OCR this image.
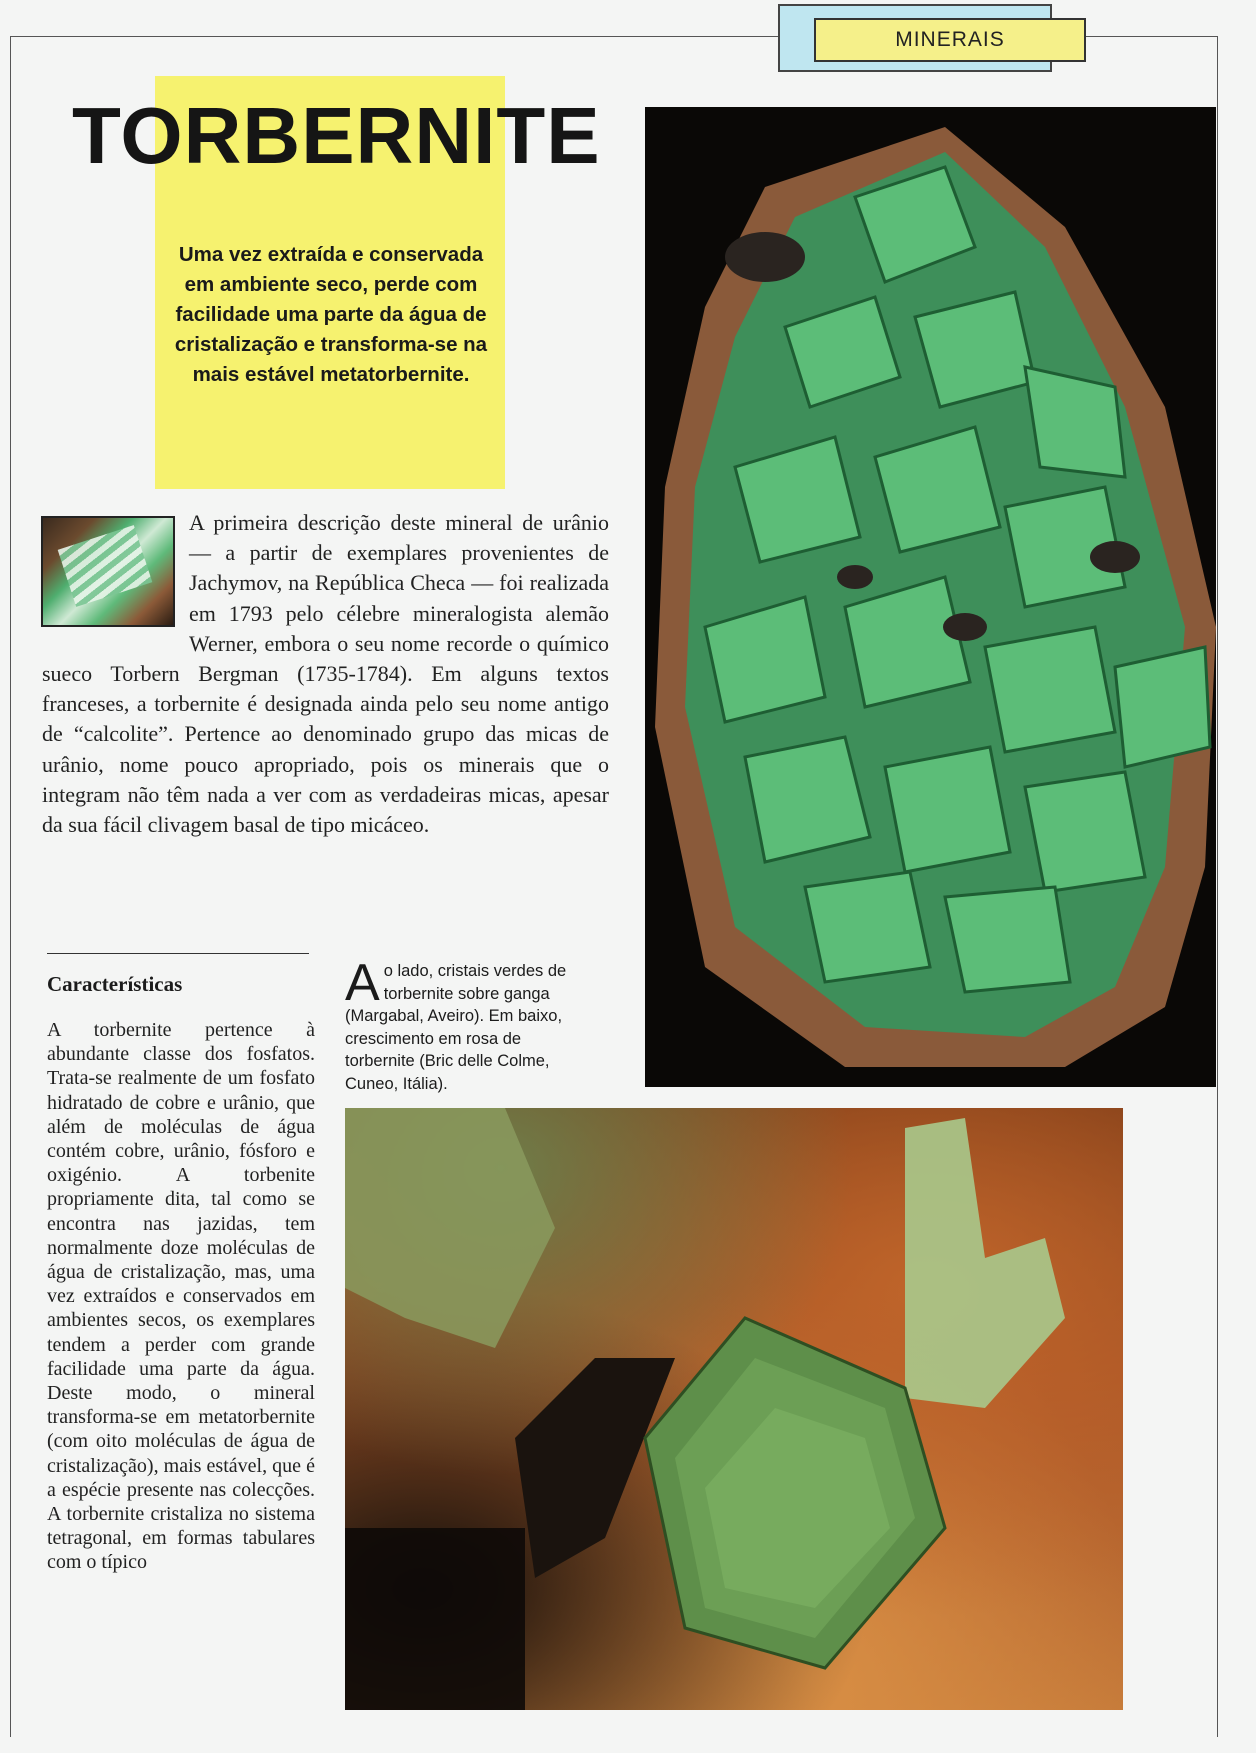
MINERAIS
TORBERNITE

Uma vez extraída e conservada em ambiente seco, perde com facilidade uma parte da água de cristalização e transforma-se na mais estável metatorbernite.

A primeira descrição deste mineral de urânio — a partir de exemplares provenientes de Jachymov, na República Checa — foi realizada em 1793 pelo célebre mineralogista alemão Werner, embora o seu nome recorde o químico sueco Torbern Bergman (1735-1784). Em alguns textos franceses, a torbernite é designada ainda pelo seu nome antigo de “calcolite”. Pertence ao denominado grupo das micas de urânio, nome pouco apropriado, pois os minerais que o integram não têm nada a ver com as verdadeiras micas, apesar da sua fácil clivagem basal de tipo micáceo.

Características

A torbernite pertence à abundante classe dos fosfatos. Trata-se realmente de um fosfato hidratado de cobre e urânio, que além de moléculas de água contém cobre, urânio, fósforo e oxigénio. A torbenite propriamente dita, tal como se encontra nas jazidas, tem normalmente doze moléculas de água de cristalização, mas, uma vez extraídos e conservados em ambientes secos, os exemplares tendem a perder com grande facilidade uma parte da água. Deste modo, o mineral transforma-se em metatorbernite (com oito moléculas de água de cristalização), mais estável, que é a espécie presente nas colecções. A torbernite cristaliza no sistema tetragonal, em formas tabulares com o típico

Ao lado, cristais verdes de torbernite sobre ganga (Margabal, Aveiro). Em baixo, crescimento em rosa de torbernite (Bric delle Colme, Cuneo, Itália).
